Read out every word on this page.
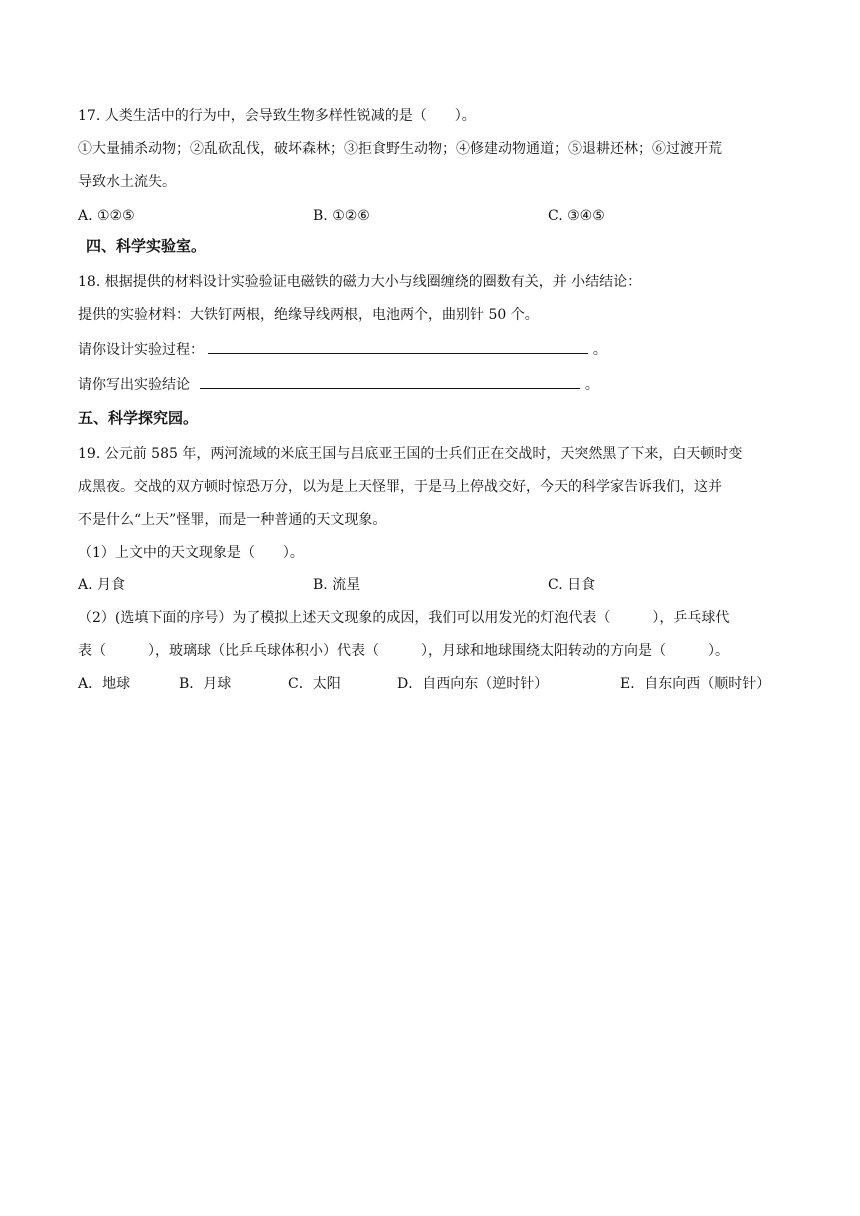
17. 人类生活中的行为中，会导致生物多样性锐减的是（　　）。
①大量捕杀动物；②乱砍乱伐，破坏森林；③拒食野生动物；④修建动物通道；⑤退耕还林；⑥过渡开荒
导致水土流失。
A. ①②⑤	B. ①②⑥	C. ③④⑤
四、科学实验室。
18. 根据提供的材料设计实验验证电磁铁的磁力大小与线圈缠绕的圈数有关，并 小结结论：
提供的实验材料：大铁钉两根，绝缘导线两根，电池两个，曲别针 50 个。
请你设计实验过程：	。
请你写出实验结论	。
五、科学探究园。
19. 公元前 585 年，两河流域的米底王国与吕底亚王国的士兵们正在交战时，天突然黑了下来，白天顿时变
成黑夜。交战的双方顿时惊恐万分，以为是上天怪罪，于是马上停战交好，今天的科学家告诉我们，这并
不是什么“上天”怪罪，而是一种普通的天文现象。
（1）上文中的天文现象是（　　）。
A. 月食	B. 流星	C. 日食
（2）(选填下面的序号）为了模拟上述天文现象的成因，我们可以用发光的灯泡代表（　　　），乒乓球代
表（　　　），玻璃球（比乒乓球体积小）代表（　　　），月球和地球围绕太阳转动的方向是（　　　）。
A．地球	B．月球	C．太阳	D．自西向东（逆时针）	E．自东向西（顺时针）
